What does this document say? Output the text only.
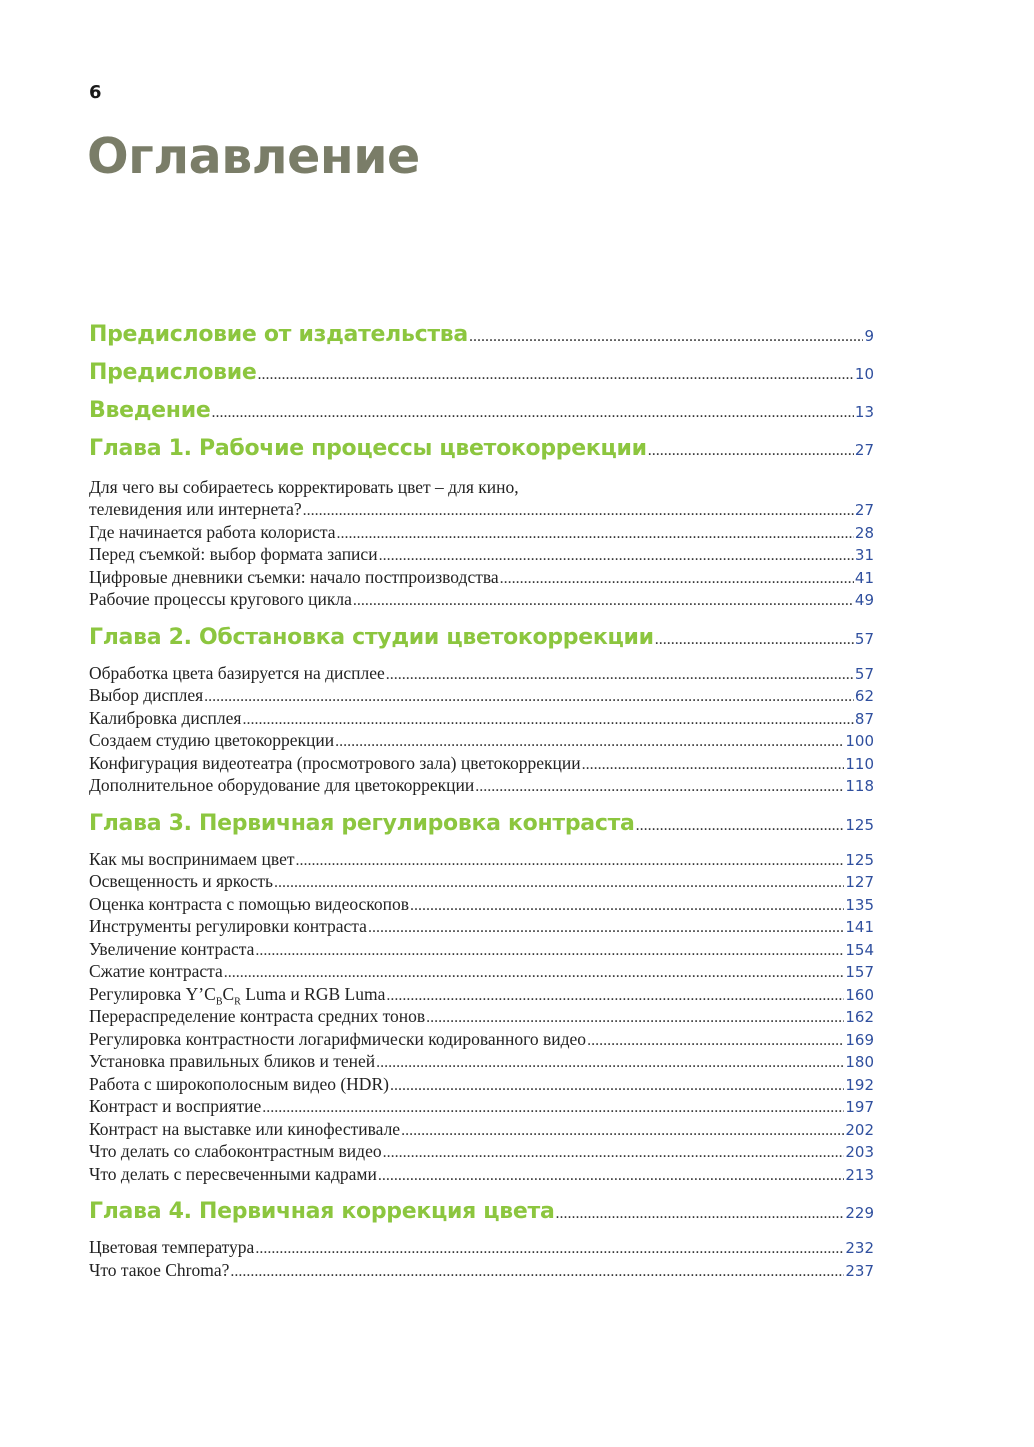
6
Оглавление
Предисловие от издательства .....	9
Предисловие .....	10
Введение .....	13
Глава 1. Рабочие процессы цветокоррекции .....	27
Для чего вы собираетесь корректировать цвет – для кино,
телевидения или интернета? .....	27
Где начинается работа колориста .....	28
Перед съемкой: выбор формата записи .....	31
Цифровые дневники съемки: начало постпроизводства .....	41
Рабочие процессы кругового цикла .....	49
Глава 2. Обстановка студии цветокоррекции .....	57
Обработка цвета базируется на дисплее .....	57
Выбор дисплея .....	62
Калибровка дисплея .....	87
Создаем студию цветокоррекции .....	100
Конфигурация видеотеатра (просмотрового зала) цветокоррекции .....	110
Дополнительное оборудование для цветокоррекции .....	118
Глава 3. Первичная регулировка контраста .....	125
Как мы воспринимаем цвет .....	125
Освещенность и яркость .....	127
Оценка контраста с помощью видеоскопов .....	135
Инструменты регулировки контраста .....	141
Увеличение контраста .....	154
Сжатие контраста .....	157
Регулировка $Y’C_BC_R$ Luma и RGB Luma .....	160
Перераспределение контраста средних тонов .....	162
Регулировка контрастности логарифмически кодированного видео .....	169
Установка правильных бликов и теней .....	180
Работа с широкополосным видео (HDR) .....	192
Контраст и восприятие .....	197
Контраст на выставке или кинофестивале .....	202
Что делать со слабоконтрастным видео .....	203
Что делать с пересвеченными кадрами .....	213
Глава 4. Первичная коррекция цвета .....	229
Цветовая температура .....	232
Что такое Chroma? .....	237
